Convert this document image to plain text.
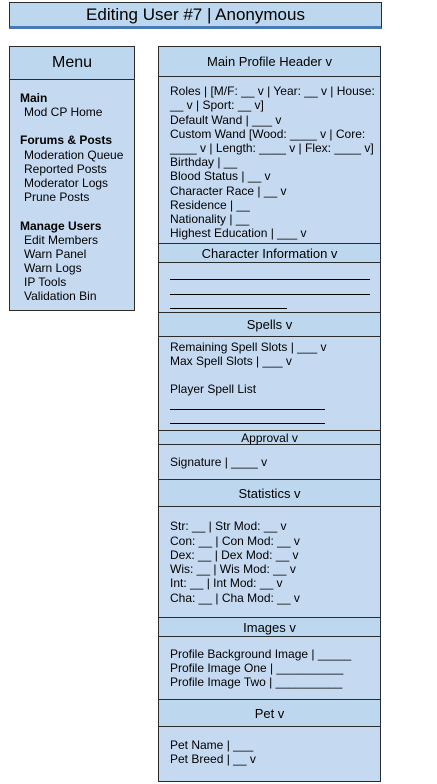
Editing User #7 | Anonymous
Menu
Main
Mod CP Home
Forums & Posts
Moderation Queue
Reported Posts
Moderator Logs
Prune Posts
Manage Users
Edit Members
Warn Panel
Warn Logs
IP Tools
Validation Bin
Main Profile Header v
Character Information v
Spells v
Approval v
Statistics v
Images v
Pet v
Roles | [M/F: __ v | Year: __ v | House:
__ v | Sport: __ v]
Default Wand | ___ v
Custom Wand [Wood: ____ v | Core:
____ v | Length: ____ v | Flex: ____ v]
Birthday | __
Blood Status | __ v
Character Race | __ v
Residence | __
Nationality | __
Highest Education | ___ v
Remaining Spell Slots | ___ v
Max Spell Slots | ___ v
Player Spell List
Signature | ____ v
Str: __ | Str Mod: __ v
Con: __ | Con Mod: __ v
Dex: __ | Dex Mod: __ v
Wis: __ | Wis Mod: __ v
Int: __ | Int Mod: __ v
Cha: __ | Cha Mod: __ v
Profile Background Image | _____
Profile Image One | __________
Profile Image Two | __________
Pet Name | ___
Pet Breed | __ v
